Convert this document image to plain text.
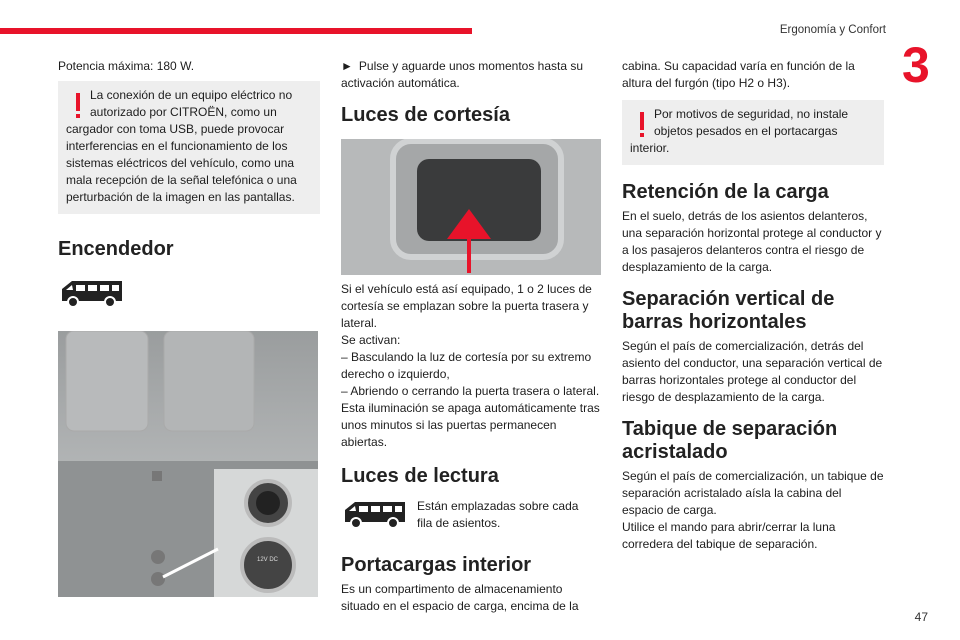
Ergonomía y Confort
3
47

Potencia máxima: 180 W.

La conexión de un equipo eléctrico no autorizado por CITROËN, como un cargador con toma USB, puede provocar interferencias en el funcionamiento de los sistemas eléctricos del vehículo, como una mala recepción de la señal telefónica o una perturbación de la imagen en las pantallas.
Encendedor
12V DC

► Pulse y aguarde unos momentos hasta su activación automática.

Luces de cortesía

Si el vehículo está así equipado, 1 o 2 luces de cortesía se emplazan sobre la puerta trasera y lateral.

Se activan:

– Basculando la luz de cortesía por su extremo derecho o izquierdo,

– Abriendo o cerrando la puerta trasera o lateral.

Esta iluminación se apaga automáticamente tras unos minutos si las puertas permanecen abiertas.

Luces de lectura

Están emplazadas sobre cada fila de asientos.

Portacargas interior

Es un compartimento de almacenamiento situado en el espacio de carga, encima de la

cabina. Su capacidad varía en función de la altura del furgón (tipo H2 o H3).

Por motivos de seguridad, no instale objetos pesados en el portacargas interior.
Retención de la carga

En el suelo, detrás de los asientos delanteros, una separación horizontal protege al conductor y a los pasajeros delanteros contra el riesgo de desplazamiento de la carga.

Separación vertical de barras horizontales

Según el país de comercialización, detrás del asiento del conductor, una separación vertical de barras horizontales protege al conductor del riesgo de desplazamiento de la carga.

Tabique de separación acristalado

Según el país de comercialización, un tabique de separación acristalado aísla la cabina del espacio de carga.

Utilice el mando para abrir/cerrar la luna corredera del tabique de separación.
